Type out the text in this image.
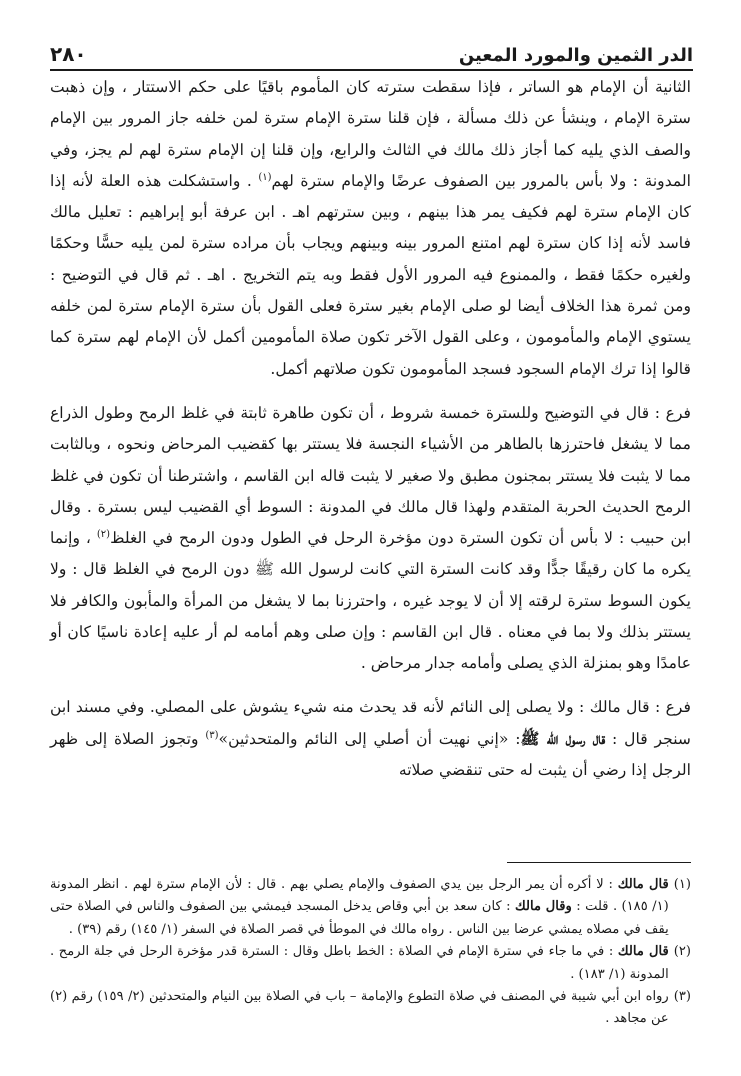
الدر الثمين والمورد المعين
٢٨٠

الثانية أن الإمام هو الساتر ، فإذا سقطت سترته كان المأموم باقيًا على حكم الاستتار ، وإن ذهبت سترة الإمام ، وينشأ عن ذلك مسألة ، فإن قلنا سترة الإمام سترة لمن خلفه جاز المرور بين الإمام والصف الذي يليه كما أجاز ذلك مالك في الثالث والرابع، وإن قلنا إن الإمام سترة لهم لم يجز، وفي المدونة : ولا بأس بالمرور بين الصفوف عرضًا والإمام سترة لهم$^{(١)}$ . واستشكلت هذه العلة لأنه إذا كان الإمام سترة لهم فكيف يمر هذا بينهم ، وبين سترتهم اهـ . ابن عرفة أبو إبراهيم : تعليل مالك فاسد لأنه إذا كان سترة لهم امتنع المرور بينه وبينهم ويجاب بأن مراده سترة لمن يليه حسًّا وحكمًا ولغيره حكمًا فقط ، والممنوع فيه المرور الأول فقط وبه يتم التخريج . اهـ . ثم قال في التوضيح : ومن ثمرة هذا الخلاف أيضا لو صلى الإمام بغير سترة فعلى القول بأن سترة الإمام سترة لمن خلفه يستوي الإمام والمأمومون ، وعلى القول الآخر تكون صلاة المأمومين أكمل لأن الإمام لهم سترة كما قالوا إذا ترك الإمام السجود فسجد المأمومون تكون صلاتهم أكمل.

فرع : قال في التوضيح وللسترة خمسة شروط ، أن تكون طاهرة ثابتة في غلظ الرمح وطول الذراع مما لا يشغل فاحترزها بالطاهر من الأشياء النجسة فلا يستتر بها كقضيب المرحاض ونحوه ، وبالثابت مما لا يثبت فلا يستتر بمجنون مطبق ولا صغير لا يثبت قاله ابن القاسم ، واشترطنا أن تكون في غلظ الرمح الحديث الحربة المتقدم ولهذا قال مالك في المدونة : السوط أي القضيب ليس بسترة . وقال ابن حبيب : لا بأس أن تكون السترة دون مؤخرة الرحل في الطول ودون الرمح في الغلظ$^{(٢)}$ ، وإنما يكره ما كان رقيقًا جدًّا وقد كانت السترة التي كانت لرسول الله ﷺ دون الرمح في الغلظ قال : ولا يكون السوط سترة لرقته إلا أن لا يوجد غيره ، واحترزنا بما لا يشغل من المرأة والمأبون والكافر فلا يستتر بذلك ولا بما في معناه . قال ابن القاسم : وإن صلى وهم أمامه لم أر عليه إعادة ناسيًا كان أو عامدًا وهو بمنزلة الذي يصلى وأمامه جدار مرحاض .

فرع : قال مالك : ولا يصلى إلى النائم لأنه قد يحدث منه شيء يشوش على المصلي. وفي مسند ابن سنجر قال : قال رسول الله ﷺ: «إني نهيت أن أصلي إلى النائم والمتحدثين»$^{(٣)}$ وتجوز الصلاة إلى ظهر الرجل إذا رضي أن يثبت له حتى تنقضي صلاته

(١)
قال مالك : لا أكره أن يمر الرجل بين يدي الصفوف والإمام يصلي بهم . قال : لأن الإمام سترة لهم . انظر المدونة (١/ ١٨٥) . قلت : وقال مالك : كان سعد بن أبي وقاص يدخل المسجد فيمشي بين الصفوف والناس في الصلاة حتى يقف في مصلاه يمشي عرضا بين الناس . رواه مالك في الموطأ في قصر الصلاة في السفر (١/ ١٤٥) رقم (٣٩) .

(٢)
قال مالك : في ما جاء في سترة الإمام في الصلاة : الخط باطل وقال : السترة قدر مؤخرة الرحل في جلة الرمح . المدونة (١/ ١٨٣) .

(٣)
رواه ابن أبي شيبة في المصنف في صلاة التطوع والإمامة – باب في الصلاة بين النيام والمتحدثين (٢/ ١٥٩) رقم (٢) عن مجاهد .
